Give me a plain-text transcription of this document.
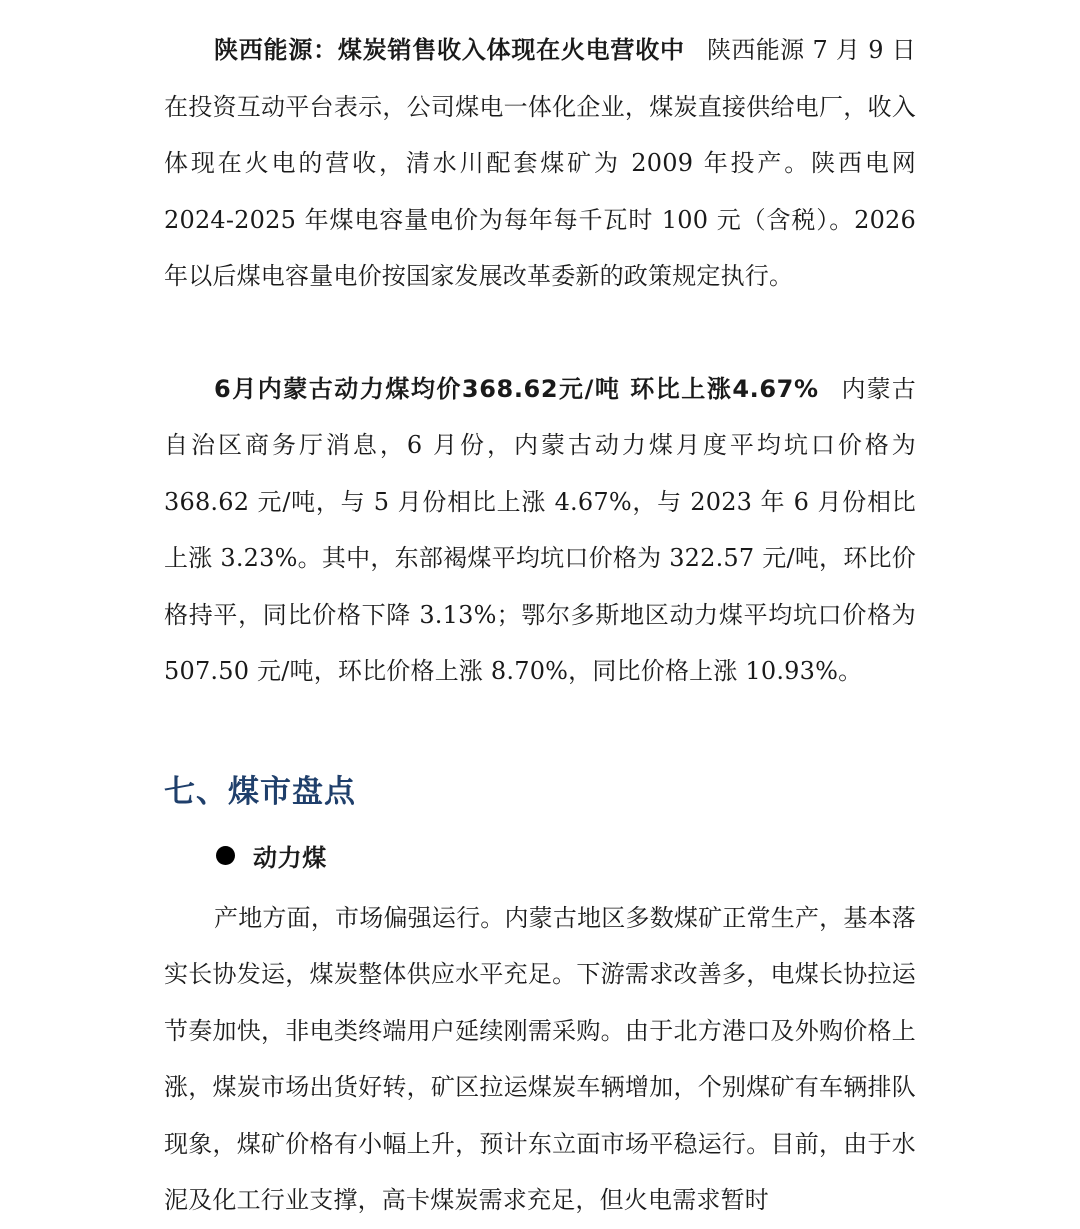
陕西能源：煤炭销售收入体现在火电营收中 陕西能源 7 月 9 日在投资互动平台表示，公司煤电一体化企业，煤炭直接供给电厂，收入体现在火电的营收，清水川配套煤矿为 2009 年投产。陕西电网 2024-2025 年煤电容量电价为每年每千瓦时 100 元（含税）。2026 年以后煤电容量电价按国家发展改革委新的政策规定执行。

6月内蒙古动力煤均价368.62元/吨 环比上涨4.67% 内蒙古自治区商务厅消息，6 月份，内蒙古动力煤月度平均坑口价格为 368.62 元/吨，与 5 月份相比上涨 4.67%，与 2023 年 6 月份相比上涨 3.23%。其中，东部褐煤平均坑口价格为 322.57 元/吨，环比价格持平，同比价格下降 3.13%；鄂尔多斯地区动力煤平均坑口价格为 507.50 元/吨，环比价格上涨 8.70%，同比价格上涨 10.93%。

七、煤市盘点
动力煤

产地方面，市场偏强运行。内蒙古地区多数煤矿正常生产，基本落实长协发运，煤炭整体供应水平充足。下游需求改善多，电煤长协拉运节奏加快，非电类终端用户延续刚需采购。由于北方港口及外购价格上涨，煤炭市场出货好转，矿区拉运煤炭车辆增加，个别煤矿有车辆排队现象，煤矿价格有小幅上升，预计东立面市场平稳运行。目前，由于水泥及化工行业支撑，高卡煤炭需求充足，但火电需求暂时
